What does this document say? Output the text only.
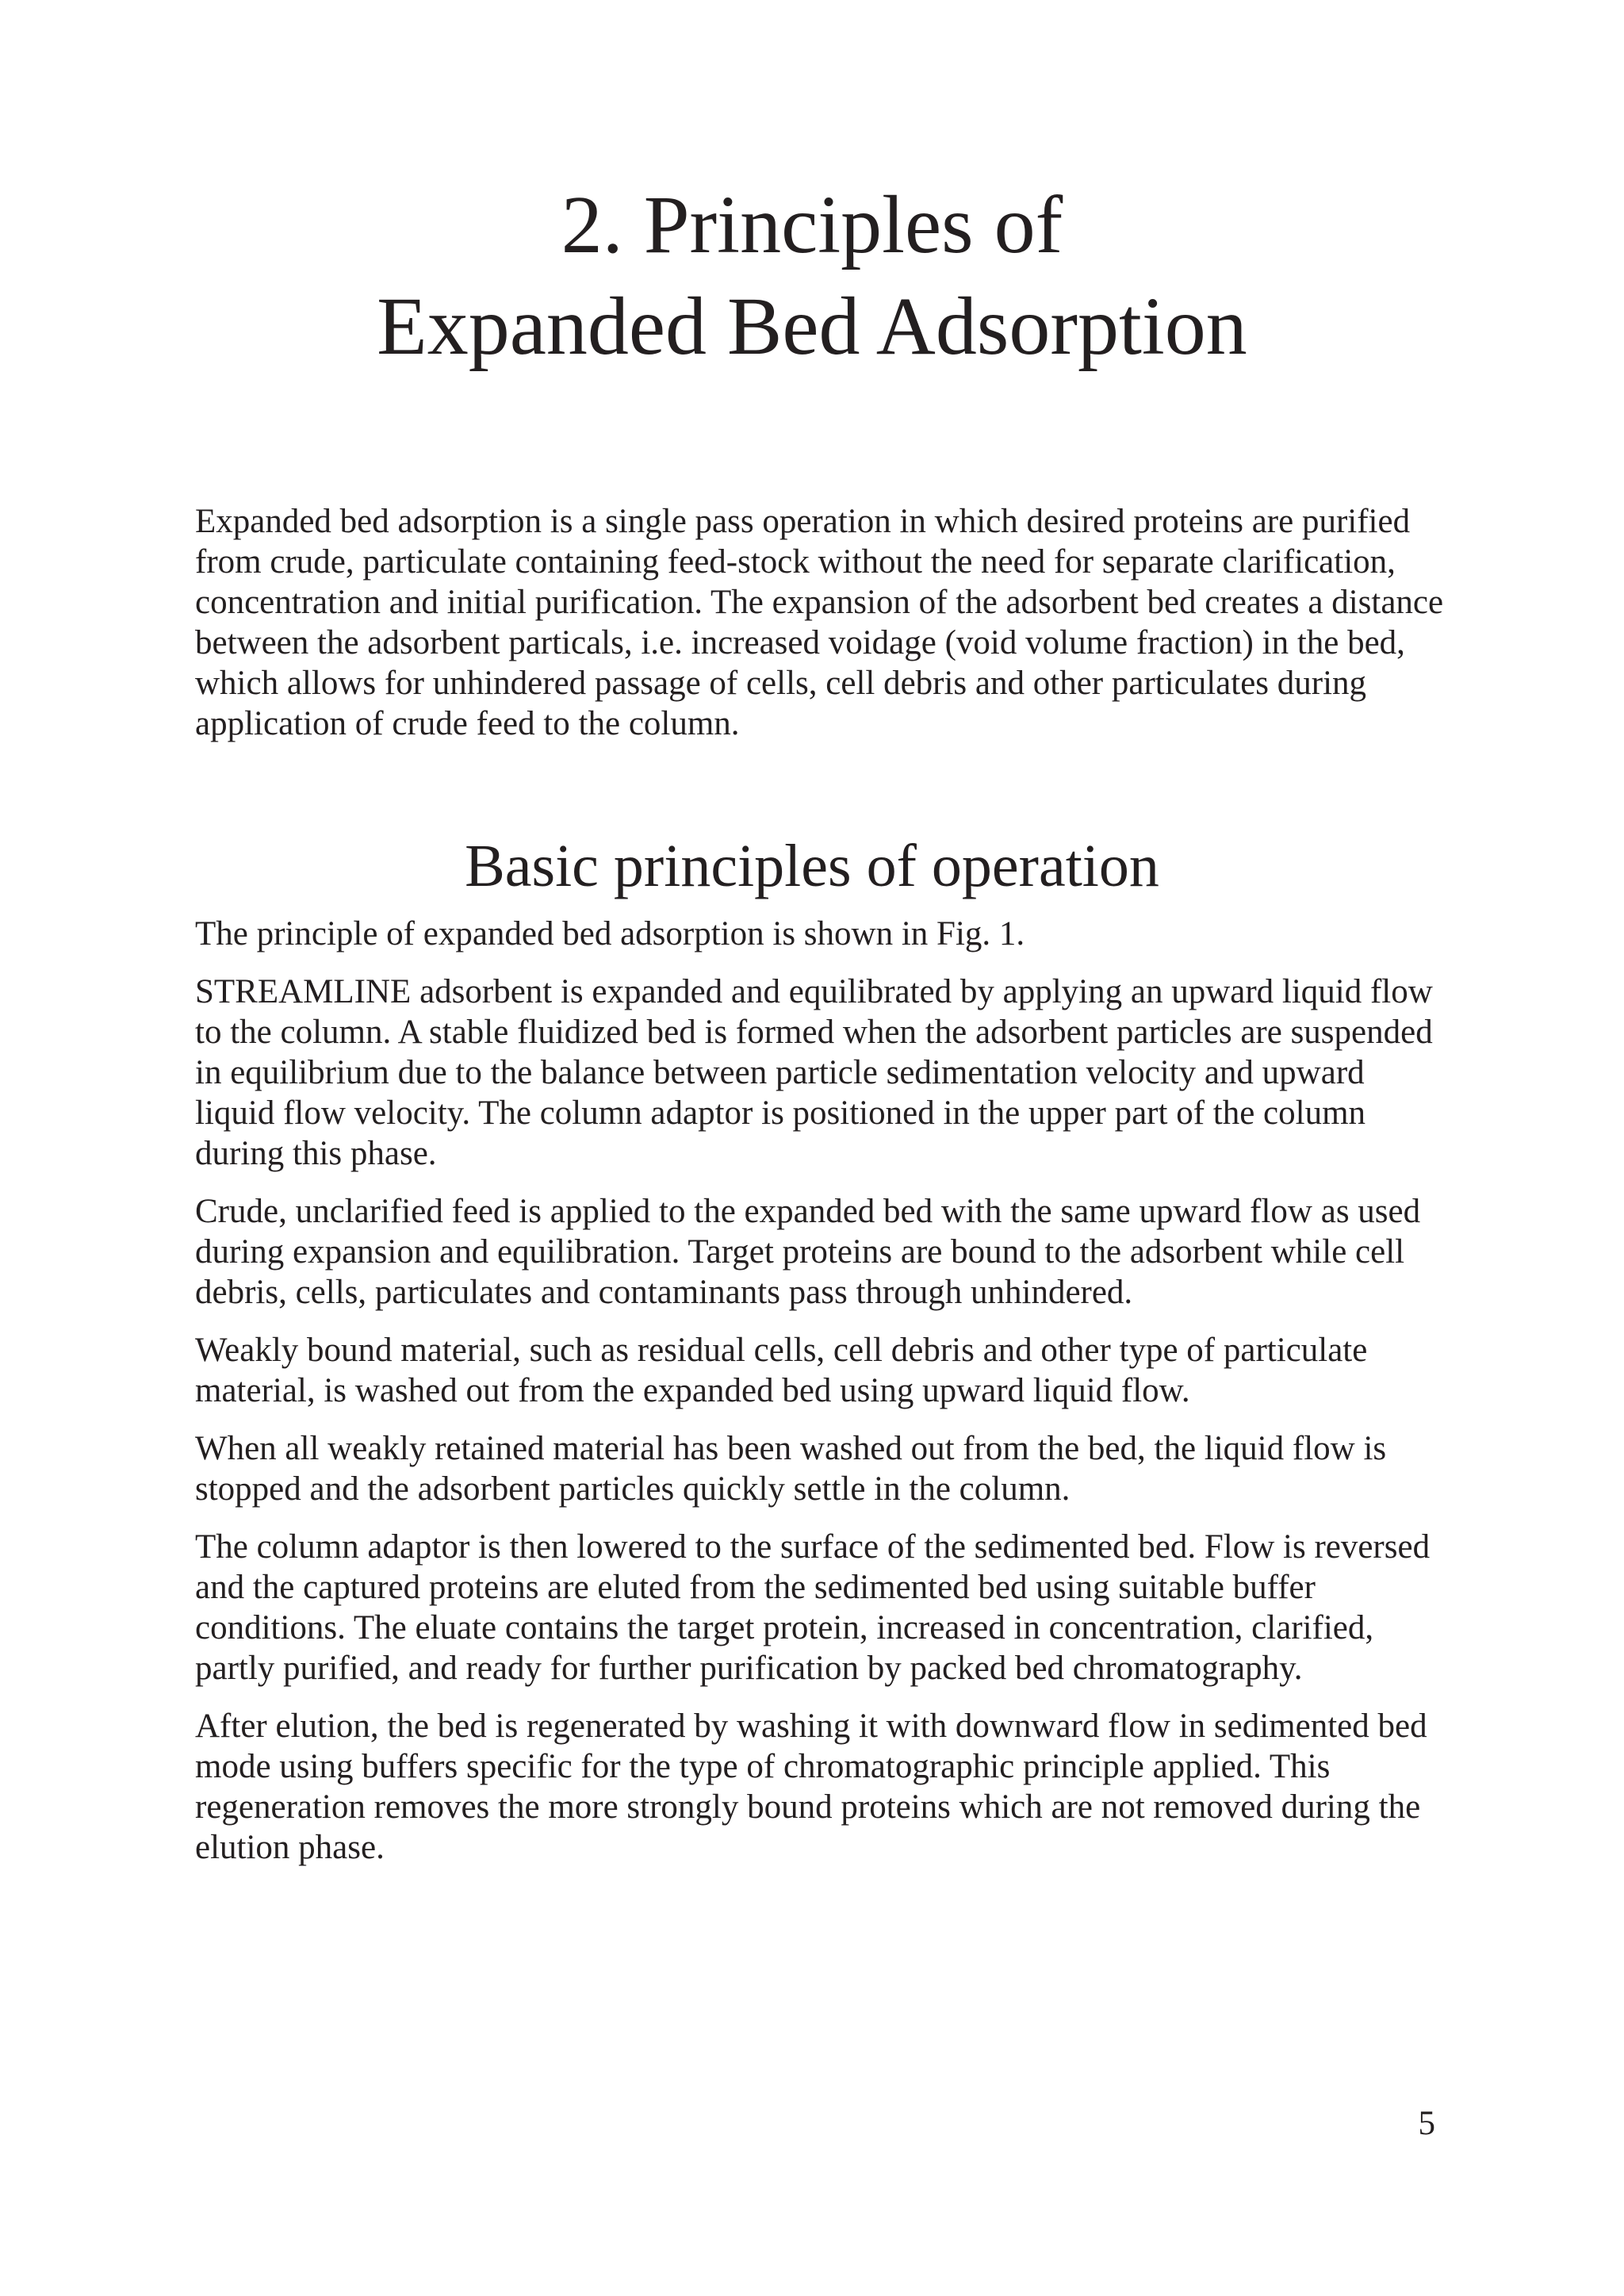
2. Principles of
Expanded Bed Adsorption

Expanded bed adsorption is a single pass operation in which desired proteins are purified from crude, particulate containing feed-stock without the need for separate clarification, concentration and initial purification. The expansion of the adsorbent bed creates a distance between the adsorbent particals, i.e. increased voidage (void volume fraction) in the bed, which allows for unhindered passage of cells, cell debris and other particulates during application of crude feed to the column.

Basic principles of operation

The principle of expanded bed adsorption is shown in Fig. 1.

STREAMLINE adsorbent is expanded and equilibrated by applying an upward liquid flow to the column. A stable fluidized bed is formed when the adsorbent particles are suspended in equilibrium due to the balance between particle sedimentation velocity and upward liquid flow velocity. The column adaptor is positioned in the upper part of the column during this phase.

Crude, unclarified feed is applied to the expanded bed with the same upward flow as used during expansion and equilibration. Target proteins are bound to the adsorbent while cell debris, cells, particulates and contaminants pass through unhindered.

Weakly bound material, such as residual cells, cell debris and other type of particulate material, is washed out from the expanded bed using upward liquid flow.

When all weakly retained material has been washed out from the bed, the liquid flow is stopped and the adsorbent particles quickly settle in the column.

The column adaptor is then lowered to the surface of the sedimented bed. Flow is reversed and the captured proteins are eluted from the sedimented bed using suitable buffer conditions. The eluate contains the target protein, increased in concentration, clarified, partly purified, and ready for further purification by packed bed chromatography.

After elution, the bed is regenerated by washing it with downward flow in sedimented bed mode using buffers specific for the type of chromatographic principle applied. This regeneration removes the more strongly bound proteins which are not removed during the elution phase.

5
